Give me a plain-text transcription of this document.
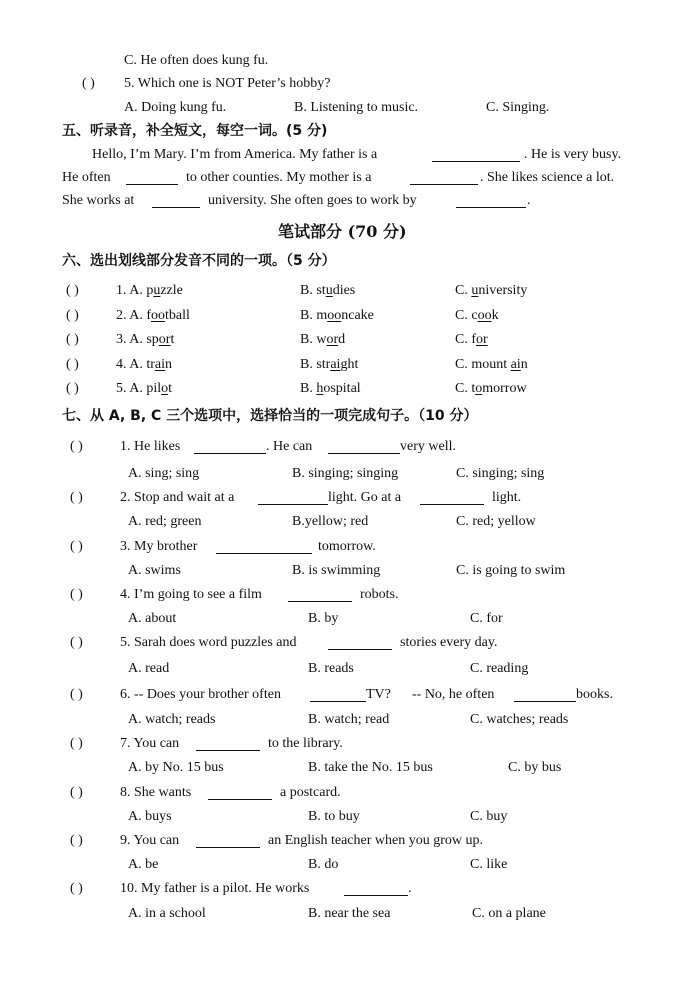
C. He often does kung fu.
( ) 5. Which one is NOT Peter’s hobby?
A. Doing kung fu.	B. Listening to music.	C. Singing.
五、听录音，补全短文，每空一词。(5 分)
Hello, I’m Mary. I’m from America. My father is a	. He is very busy.
He often	to other counties. My mother is a	. She likes science a lot.
She works at	university. She often goes to work by	.
笔试部分 (70 分)
六、选出划线部分发音不同的一项。（5 分）
( )	1. A. puzzle	B. studies	C. university
( )	2. A. football	B. mooncake	C. cook
( )	3. A. sport	B. word	C. for
( )	4. A. train	B. straight	C. mount ain
( )	5. A. pilot	B. hospital	C. tomorrow
七、从 A, B, C 三个选项中，选择恰当的一项完成句子。（10 分）
( )	1. He likes	. He can	very well.
A. sing; sing	B. singing; singing	C. singing; sing
( )	2. Stop and wait at a	light. Go at a	light.
A. red; green	B.yellow; red	C. red; yellow
( )	3. My brother	tomorrow.
A. swims	B. is swimming	C. is going to swim
( )	4. I’m going to see a film	robots.
A. about	B. by	C. for
( )	5. Sarah does word puzzles and	stories every day.
A. read	B. reads	C. reading
( )	6. -- Does your brother often	TV? -- No, he often	books.
A. watch; reads	B. watch; read	C. watches; reads
( )	7. You can	to the library.
A. by No. 15 bus	B. take the No. 15 bus	C. by bus
( )	8. She wants	a postcard.
A. buys	B. to buy	C. buy
( )	9. You can	an English teacher when you grow up.
A. be	B. do	C. like
( )	10. My father is a pilot. He works	.
A. in a school	B. near the sea	C. on a plane
